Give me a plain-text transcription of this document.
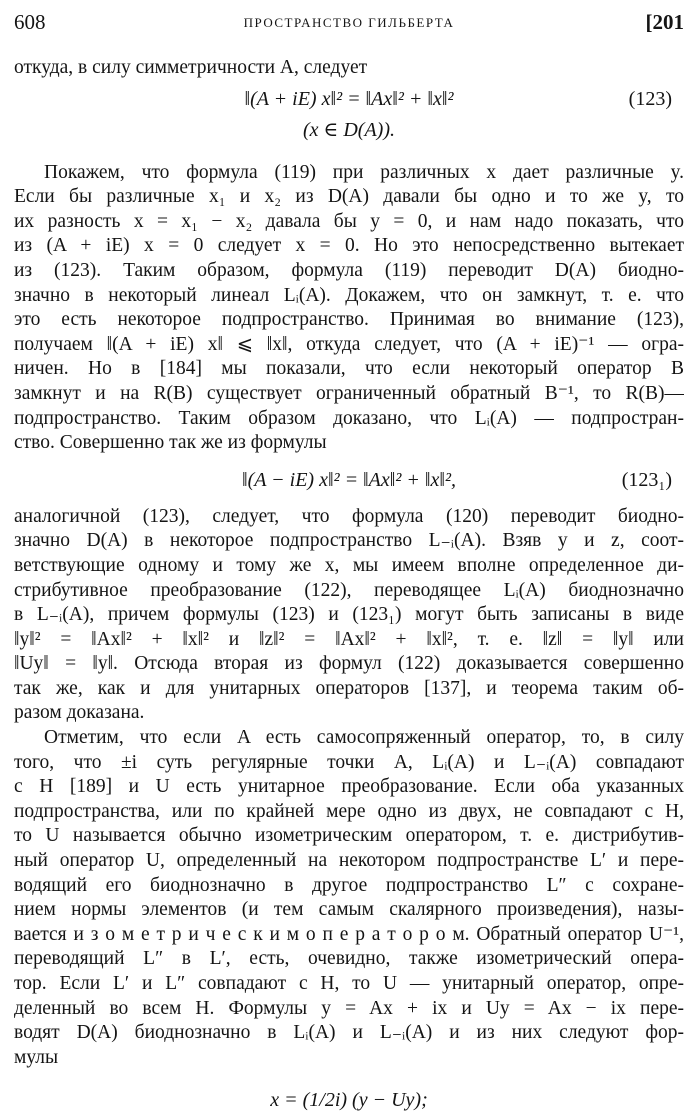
608	ПРОСТРАНСТВО ГИЛЬБЕРТА	[201
откуда, в силу симметричности A, следует
‖(A + iE) x‖² = ‖Ax‖² + ‖x‖²	(123)
(x ∈ D(A)).
Покажем, что формула (119) при различных x дает различные y.
Если бы различные x₁ и x₂ из D(A) давали бы одно и то же y, то
их разность x = x₁ − x₂ давала бы y = 0, и нам надо показать, что
из (A + iE) x = 0 следует x = 0. Но это непосредственно вытекает
из (123). Таким образом, формула (119) переводит D(A) биодно-
значно в некоторый линеал Lᵢ(A). Докажем, что он замкнут, т. е. что
это есть некоторое подпространство. Принимая во внимание (123),
получаем ‖(A + iE) x‖ ⩽ ‖x‖, откуда следует, что (A + iE)⁻¹ — огра-
ничен. Но в [184] мы показали, что если некоторый оператор B
замкнут и на R(B) существует ограниченный обратный B⁻¹, то R(B)—
подпространство. Таким образом доказано, что Lᵢ(A) — подпростран-
ство. Совершенно так же из формулы
‖(A − iE) x‖² = ‖Ax‖² + ‖x‖²,	(123₁)
аналогичной (123), следует, что формула (120) переводит биодно-
значно D(A) в некоторое подпространство L₋ᵢ(A). Взяв y и z, соот-
ветствующие одному и тому же x, мы имеем вполне определенное ди-
стрибутивное преобразование (122), переводящее Lᵢ(A) биоднозначно
в L₋ᵢ(A), причем формулы (123) и (123₁) могут быть записаны в виде
‖y‖² = ‖Ax‖² + ‖x‖² и ‖z‖² = ‖Ax‖² + ‖x‖², т. е. ‖z‖ = ‖y‖ или
‖Uy‖ = ‖y‖. Отсюда вторая из формул (122) доказывается совершенно
так же, как и для унитарных операторов [137], и теорема таким об-
разом доказана.
Отметим, что если A есть самосопряженный оператор, то, в силу
того, что ±i суть регулярные точки A, Lᵢ(A) и L₋ᵢ(A) совпадают
с H [189] и U есть унитарное преобразование. Если оба указанных
подпространства, или по крайней мере одно из двух, не совпадают с H,
то U называется обычно изометрическим оператором, т. е. дистрибутив-
ный оператор U, определенный на некотором подпространстве L′ и пере-
водящий его биоднозначно в другое подпространство L″ с сохране-
нием нормы элементов (и тем самым скалярного произведения), назы-
вается и з о м е т р и ч е с к и м о п е р а т о р о м. Обратный оператор U⁻¹,
переводящий L″ в L′, есть, очевидно, также изометрический опера-
тор. Если L′ и L″ совпадают с H, то U — унитарный оператор, опре-
деленный во всем H. Формулы y = Ax + ix и Uy = Ax − ix пере-
водят D(A) биоднозначно в Lᵢ(A) и L₋ᵢ(A) и из них следуют фор-
мулы
x = (1/2i) (y − Uy);
